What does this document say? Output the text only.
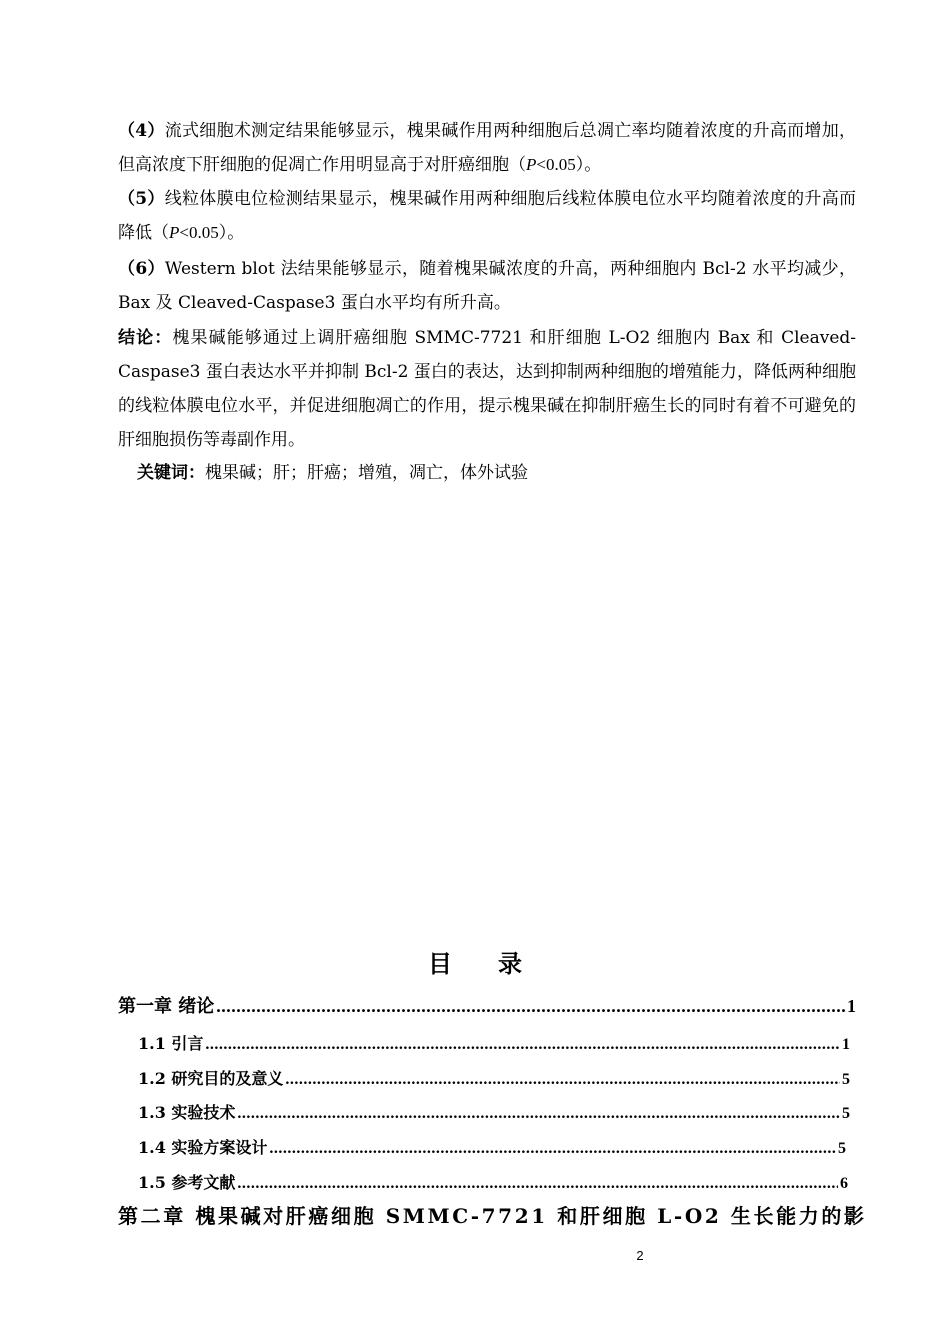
（4）流式细胞术测定结果能够显示，槐果碱作用两种细胞后总凋亡率均随着浓度的升高而增加，但高浓度下肝细胞的促凋亡作用明显高于对肝癌细胞（P<0.05）。

（5）线粒体膜电位检测结果显示，槐果碱作用两种细胞后线粒体膜电位水平均随着浓度的升高而降低（P<0.05）。

（6）Western blot 法结果能够显示，随着槐果碱浓度的升高，两种细胞内 Bcl-2 水平均减少，Bax 及 Cleaved-Caspase3 蛋白水平均有所升高。

结论：槐果碱能够通过上调肝癌细胞 SMMC-7721 和肝细胞 L-O2 细胞内 Bax 和 Cleaved-Caspase3 蛋白表达水平并抑制 Bcl-2 蛋白的表达，达到抑制两种细胞的增殖能力，降低两种细胞的线粒体膜电位水平，并促进细胞凋亡的作用，提示槐果碱在抑制肝癌生长的同时有着不可避免的肝细胞损伤等毒副作用。

关键词：槐果碱；肝；肝癌；增殖，凋亡，体外试验

目 录
第一章 绪论 .....	1
1.1 引言 .....	1
1.2 研究目的及意义 .....	5
1.3 实验技术 .....	5
1.4 实验方案设计 .....	5
1.5 参考文献 .....	6
第二章 槐果碱对肝癌细胞 SMMC-7721 和肝细胞 L-O2 生长能力的影
2
